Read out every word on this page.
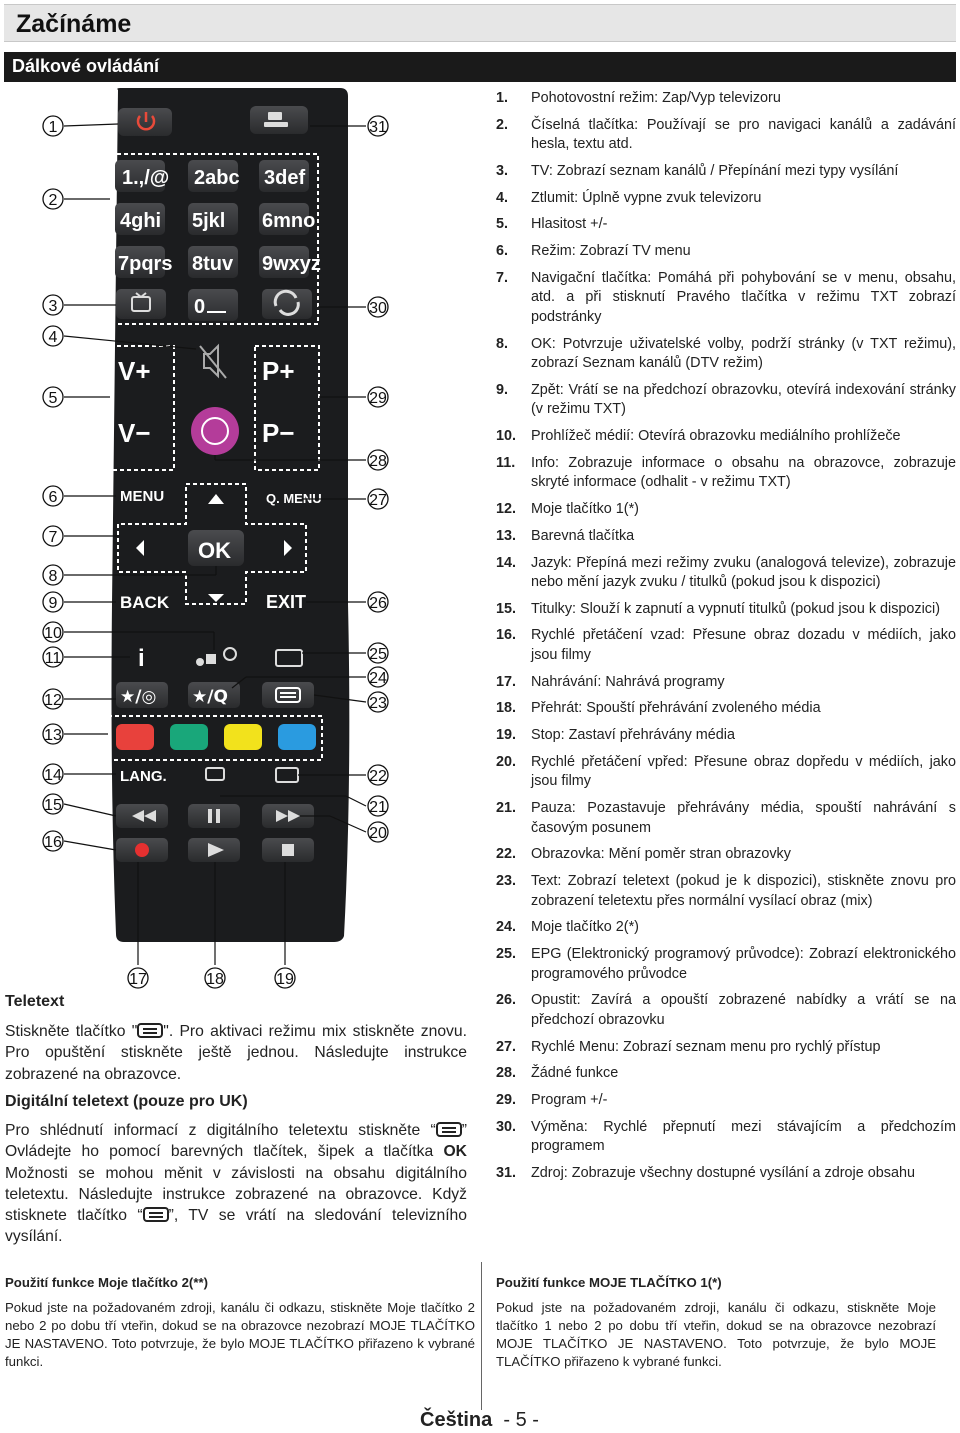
Začínáme
Dálkové ovládání
1.,/@ 2abc 3def
4ghi 5jkl 6mno
7pqrs 8tuv 9wxyz
0
V+
V−
P+
P−
MENU	Q. MENU
OK
BACK	EXIT
i
★/◎ ★/Q
LANG.
1
2
3
4
5
6
7
8
9
10
11
12
13
14
15
16
31
30
29
28
27
26
25
24
23
22
21
20
17	18	19
1. Pohotovostní režim: Zap/Vyp televizoru
2. Číselná tlačítka: Používají se pro navigaci kanálů a zadávání hesla, textu atd.
3. TV: Zobrazí seznam kanálů / Přepínání mezi typy vysílání
4. Ztlumit: Úplně vypne zvuk televizoru
5. Hlasitost +/-
6. Režim: Zobrazí TV menu
7. Navigační tlačítka: Pomáhá při pohybování se v menu, obsahu, atd. a při stisknutí Pravého tlačítka v režimu TXT zobrazí podstránky
8. OK: Potvrzuje uživatelské volby, podrží stránky (v TXT režimu), zobrazí Seznam kanálů (DTV režim)
9. Zpět: Vrátí se na předchozí obrazovku, otevírá indexování stránky (v režimu TXT)
10. Prohlížeč médií: Otevírá obrazovku mediálního prohlížeče
11. Info: Zobrazuje informace o obsahu na obrazovce, zobrazuje skryté informace (odhalit - v režimu TXT)
12. Moje tlačítko 1(*)
13. Barevná tlačítka
14. Jazyk: Přepíná mezi režimy zvuku (analogová televize), zobrazuje nebo mění jazyk zvuku / titulků (pokud jsou k dispozici)
15. Titulky: Slouží k zapnutí a vypnutí titulků (pokud jsou k dispozici)
16. Rychlé přetáčení vzad: Přesune obraz dozadu v médiích, jako jsou filmy
17. Nahrávání: Nahrává programy
18. Přehrát: Spouští přehrávání zvoleného média
19. Stop: Zastaví přehrávány média
20. Rychlé přetáčení vpřed: Přesune obraz dopředu v médiích, jako jsou filmy
21. Pauza: Pozastavuje přehrávány média, spouští nahrávání s časovým posunem
22. Obrazovka: Mění poměr stran obrazovky
23. Text: Zobrazí teletext (pokud je k dispozici), stiskněte znovu pro zobrazení teletextu přes normální vysílací obraz (mix)
24. Moje tlačítko 2(*)
25. EPG (Elektronický programový průvodce): Zobrazí elektronického programového průvodce
26. Opustit: Zavírá a opouští zobrazené nabídky a vrátí se na předchozí obrazovku
27. Rychlé Menu: Zobrazí seznam menu pro rychlý přístup
28. Žádné funkce
29. Program +/-
30. Výměna: Rychlé přepnutí mezi stávajícím a předchozím programem
31. Zdroj: Zobrazuje všechny dostupné vysílání a zdroje obsahu
Teletext
Stiskněte tlačítko " ". Pro aktivaci režimu mix stiskněte znovu. Pro opuštění stiskněte ještě jednou. Následujte instrukce zobrazené na obrazovce.
Digitální teletext (pouze pro UK)
Pro shlédnutí informací z digitálního teletextu stiskněte “ ” Ovládejte ho pomocí barevných tlačítek, šipek a tlačítka OK Možnosti se mohou měnit v závislosti na obsahu digitálního teletextu. Následujte instrukce zobrazené na obrazovce. Když stisknete tlačítko “ ”, TV se vrátí na sledování televizního vysílání.
Použití funkce Moje tlačítko 2(**)
Pokud jste na požadovaném zdroji, kanálu či odkazu, stiskněte Moje tlačítko 2 nebo 2 po dobu tří vteřin, dokud se na obrazovce nezobrazí MOJE TLAČÍTKO JE NASTAVENO. Toto potvrzuje, že bylo MOJE TLAČÍTKO přiřazeno k vybrané funkci.
Použití funkce MOJE TLAČÍTKO 1(*)
Pokud jste na požadovaném zdroji, kanálu či odkazu, stiskněte Moje tlačítko 1 nebo 2 po dobu tří vteřin, dokud se na obrazovce nezobrazí MOJE TLAČÍTKO JE NASTAVENO. Toto potvrzuje, že bylo MOJE TLAČÍTKO přiřazeno k vybrané funkci.
Čeština - 5 -
